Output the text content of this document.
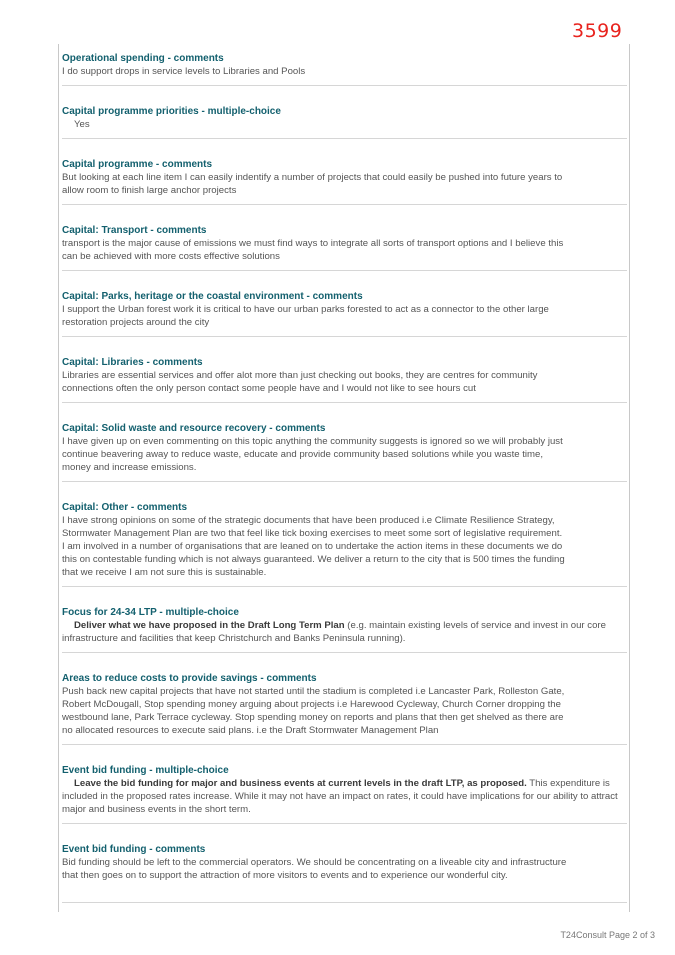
3599
Operational spending - comments
I do support drops in service levels to Libraries and Pools
Capital programme priorities - multiple-choice
Yes
Capital programme - comments
But looking at each line item I can easily indentify a number of projects that could easily be pushed into future years to allow room to finish large anchor projects
Capital: Transport - comments
transport is the major cause of emissions we must find ways to integrate all sorts of transport options and I believe this can be achieved with more costs effective solutions
Capital: Parks, heritage or the coastal environment - comments
I support the Urban forest work it is critical to have our urban parks forested to act as a connector to the other large restoration projects around the city
Capital: Libraries - comments
Libraries are essential services and offer alot more than just checking out books, they are centres for community connections often the only person contact some people have and I would not like to see hours cut
Capital: Solid waste and resource recovery - comments
I have given up on even commenting on this topic anything the community suggests is ignored so we will probably just continue beavering away to reduce waste, educate and provide community based solutions while you waste time, money and increase emissions.
Capital: Other - comments
I have strong opinions on some of the strategic documents that have been produced i.e Climate Resilience Strategy, Stormwater Management Plan are two that feel like tick boxing exercises to meet some sort of legislative requirement. I am involved in a number of organisations that are leaned on to undertake the action items in these documents we do this on contestable funding which is not always guaranteed. We deliver a return to the city that is 500 times the funding that we receive I am not sure this is sustainable.
Focus for 24-34 LTP - multiple-choice
Deliver what we have proposed in the Draft Long Term Plan (e.g. maintain existing levels of service and invest in our core infrastructure and facilities that keep Christchurch and Banks Peninsula running).
Areas to reduce costs to provide savings - comments
Push back new capital projects that have not started until the stadium is completed i.e Lancaster Park, Rolleston Gate, Robert McDougall, Stop spending money arguing about projects i.e Harewood Cycleway, Church Corner dropping the westbound lane, Park Terrace cycleway. Stop spending money on reports and plans that then get shelved as there are no allocated resources to execute said plans. i.e the Draft Stormwater Management Plan
Event bid funding - multiple-choice
Leave the bid funding for major and business events at current levels in the draft LTP, as proposed. This expenditure is included in the proposed rates increase. While it may not have an impact on rates, it could have implications for our ability to attract major and business events in the short term.
Event bid funding - comments
Bid funding should be left to the commercial operators. We should be concentrating on a liveable city and infrastructure that then goes on to support the attraction of more visitors to events and to experience our wonderful city.
T24Consult Page 2 of 3
